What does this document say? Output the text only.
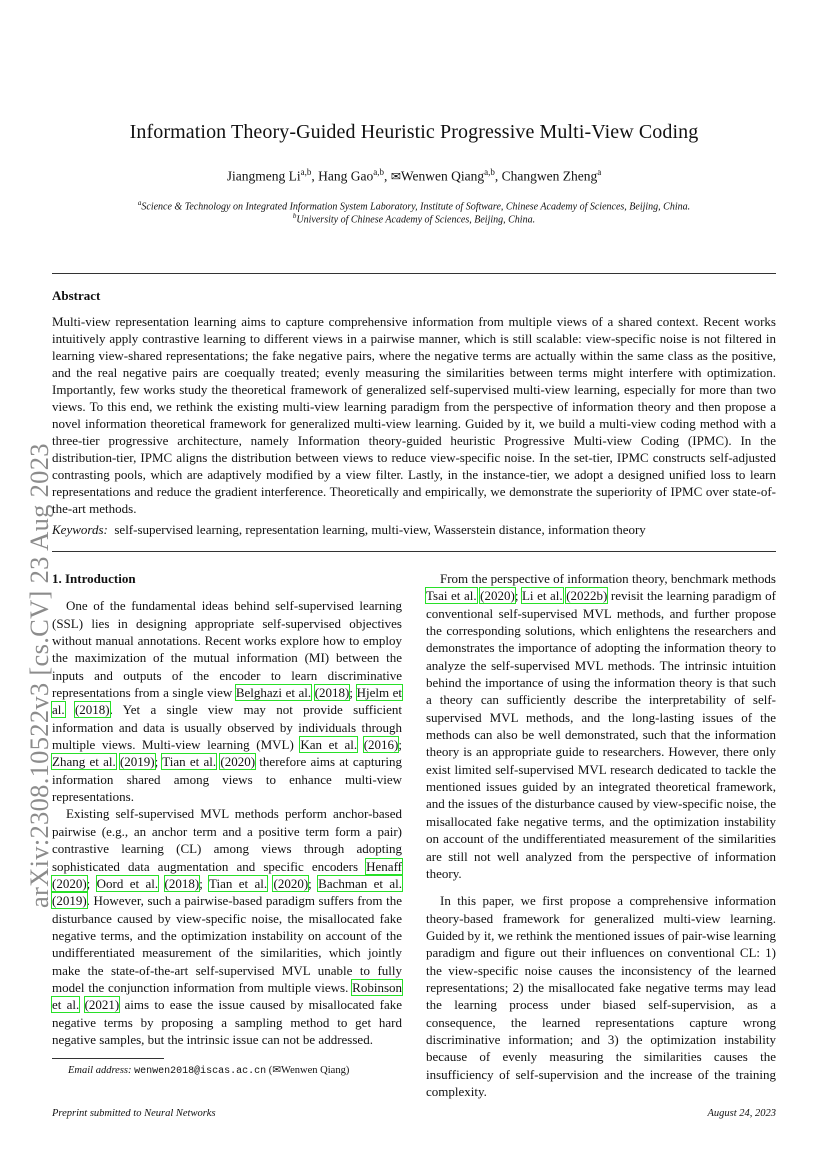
arXiv:2308.10522v3 [cs.CV] 23 Aug 2023
Information Theory-Guided Heuristic Progressive Multi-View Coding
Jiangmeng Li$^{a,b}$, Hang Gao$^{a,b}$, ✉Wenwen Qiang$^{a,b}$, Changwen Zheng$^a$
$^a$Science & Technology on Integrated Information System Laboratory, Institute of Software, Chinese Academy of Sciences, Beijing, China.
$^b$University of Chinese Academy of Sciences, Beijing, China.
Abstract
Multi-view representation learning aims to capture comprehensive information from multiple views of a shared context. Recent works intuitively apply contrastive learning to different views in a pairwise manner, which is still scalable: view-specific noise is not filtered in learning view-shared representations; the fake negative pairs, where the negative terms are actually within the same class as the positive, and the real negative pairs are coequally treated; evenly measuring the similarities between terms might interfere with optimization. Importantly, few works study the theoretical framework of generalized self-supervised multi-view learning, especially for more than two views. To this end, we rethink the existing multi-view learning paradigm from the perspective of information theory and then propose a novel information theoretical framework for generalized multi-view learning. Guided by it, we build a multi-view coding method with a three-tier progressive architecture, namely Information theory-guided heuristic Progressive Multi-view Coding (IPMC). In the distribution-tier, IPMC aligns the distribution between views to reduce view-specific noise. In the set-tier, IPMC constructs self-adjusted contrasting pools, which are adaptively modified by a view filter. Lastly, in the instance-tier, we adopt a designed unified loss to learn representations and reduce the gradient interference. Theoretically and empirically, we demonstrate the superiority of IPMC over state-of-the-art methods.
Keywords: self-supervised learning, representation learning, multi-view, Wasserstein distance, information theory

1. Introduction

One of the fundamental ideas behind self-supervised learning (SSL) lies in designing appropriate self-supervised objectives without manual annotations. Recent works explore how to employ the maximization of the mutual information (MI) between the inputs and outputs of the encoder to learn discriminative representations from a single view Belghazi et al. (2018); Hjelm et al. (2018). Yet a single view may not provide sufficient information and data is usually observed by individuals through multiple views. Multi-view learning (MVL) Kan et al. (2016); Zhang et al. (2019); Tian et al. (2020) therefore aims at capturing information shared among views to enhance multi-view representations.

Existing self-supervised MVL methods perform anchor-based pairwise (e.g., an anchor term and a positive term form a pair) contrastive learning (CL) among views through adopting sophisticated data augmentation and specific encoders Henaff (2020); Oord et al. (2018); Tian et al. (2020); Bachman et al. (2019). However, such a pairwise-based paradigm suffers from the disturbance caused by view-specific noise, the misallocated fake negative terms, and the optimization instability on account of the undifferentiated measurement of the similarities, which jointly make the state-of-the-art self-supervised MVL unable to fully model the conjunction information from multiple views. Robinson et al. (2021) aims to ease the issue caused by misallocated fake negative terms by proposing a sampling method to get hard negative samples, but the intrinsic issue can not be addressed.

From the perspective of information theory, benchmark methods Tsai et al. (2020); Li et al. (2022b) revisit the learning paradigm of conventional self-supervised MVL methods, and further propose the corresponding solutions, which enlightens the researchers and demonstrates the importance of adopting the information theory to analyze the self-supervised MVL methods. The intrinsic intuition behind the importance of using the information theory is that such a theory can sufficiently describe the interpretability of self-supervised MVL methods, and the long-lasting issues of the methods can also be well demonstrated, such that the information theory is an appropriate guide to researchers. However, there only exist limited self-supervised MVL research dedicated to tackle the mentioned issues guided by an integrated theoretical framework, and the issues of the disturbance caused by view-specific noise, the misallocated fake negative terms, and the optimization instability on account of the undifferentiated measurement of the similarities are still not well analyzed from the perspective of information theory.

In this paper, we first propose a comprehensive information theory-based framework for generalized multi-view learning. Guided by it, we rethink the mentioned issues of pair-wise learning paradigm and figure out their influences on conventional CL: 1) the view-specific noise causes the inconsistency of the learned representations; 2) the misallocated fake negative terms may lead the learning process under biased self-supervision, as a consequence, the learned representations capture wrong discriminative information; and 3) the optimization instability because of evenly measuring the similarities causes the insufficiency of self-supervision and the increase of the training complexity.

Email address: wenwen2018@iscas.ac.cn (✉Wenwen Qiang)
Preprint submitted to Neural Networks	August 24, 2023
